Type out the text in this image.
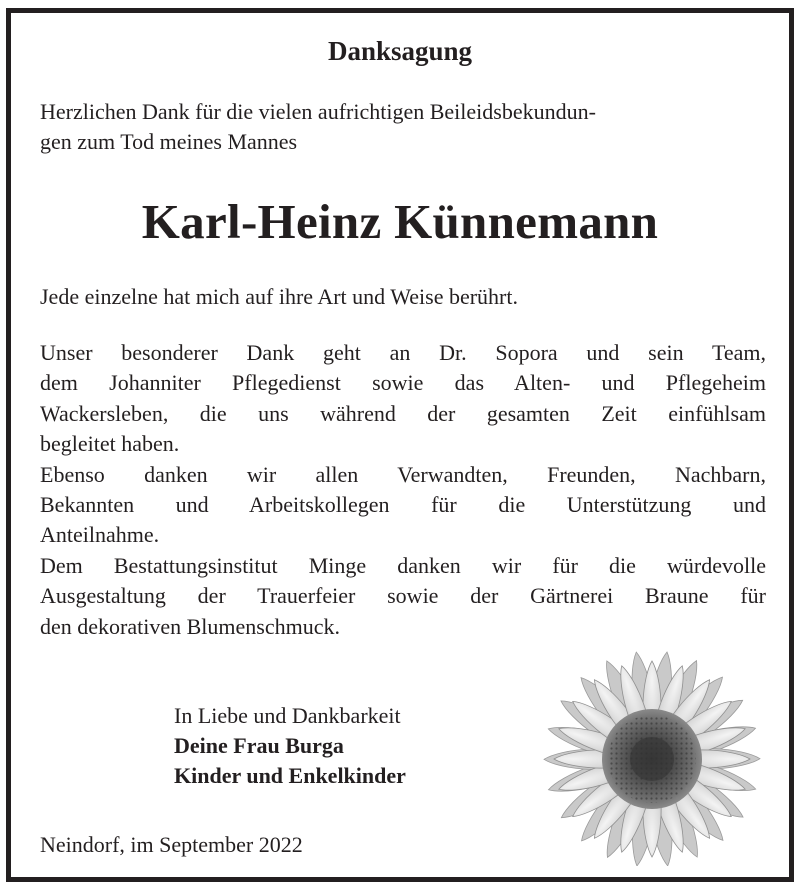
Danksagung
Herzlichen Dank für die vielen aufrichtigen Beileidsbekundun-
gen zum Tod meines Mannes
Karl-Heinz Künnemann
Jede einzelne hat mich auf ihre Art und Weise berührt.
Unser besonderer Dank geht an Dr. Sopora und sein Team,
dem Johanniter Pflegedienst sowie das Alten- und Pflegeheim
Wackersleben, die uns während der gesamten Zeit einfühlsam
begleitet haben.
Ebenso danken wir allen Verwandten, Freunden, Nachbarn,
Bekannten und Arbeitskollegen für die Unterstützung und
Anteilnahme.
Dem Bestattungsinstitut Minge danken wir für die würdevolle
Ausgestaltung der Trauerfeier sowie der Gärtnerei Braune für
den dekorativen Blumenschmuck.
In Liebe und Dankbarkeit
Deine Frau Burga
Kinder und Enkelkinder
Neindorf, im September 2022
